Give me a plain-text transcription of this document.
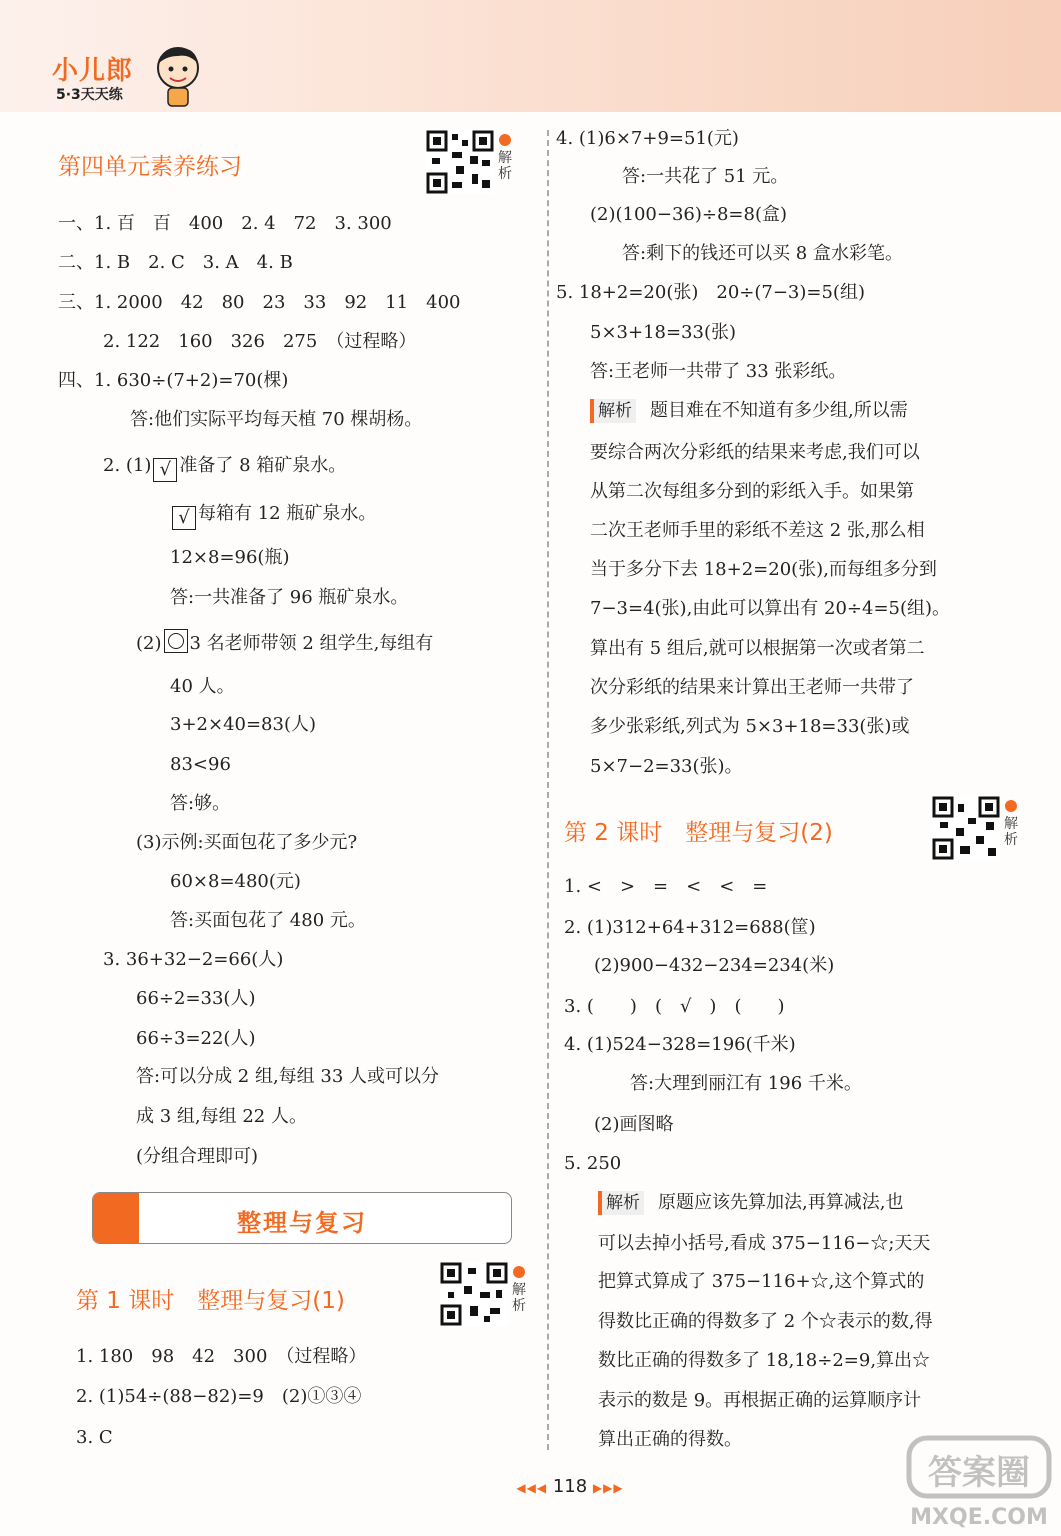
小儿郎
5·3天天练
第四单元素养练习	解析
一、1. 百　百　400　2. 4　72　3. 300
二、1. B　2. C　3. A　4. B
三、1. 2000　42　80　23　33　92　11　400
2. 122　160　326　275　（过程略）
四、1. 630÷(7+2)=70(棵)
答:他们实际平均每天植 70 棵胡杨。
2. (1) √ 准备了 8 箱矿泉水。
√ 每箱有 12 瓶矿泉水。
12×8=96(瓶)
答:一共准备了 96 瓶矿泉水。
(2) 3 名老师带领 2 组学生,每组有
40 人。
3+2×40=83(人)
83<96
答:够。
(3)示例:买面包花了多少元?
60×8=480(元)
答:买面包花了 480 元。
3. 36+32−2=66(人)
66÷2=33(人)
66÷3=22(人)
答:可以分成 2 组,每组 33 人或可以分
成 3 组,每组 22 人。
(分组合理即可)
整理与复习
第 1 课时　整理与复习(1)	解析
1. 180　98　42　300　（过程略）
2. (1)54÷(88−82)=9　(2)①③④
3. C
4. (1)6×7+9=51(元)
答:一共花了 51 元。
(2)(100−36)÷8=8(盒)
答:剩下的钱还可以买 8 盒水彩笔。
5. 18+2=20(张)　20÷(7−3)=5(组)
5×3+18=33(张)
答:王老师一共带了 33 张彩纸。
解析 题目难在不知道有多少组,所以需
要综合两次分彩纸的结果来考虑,我们可以
从第二次每组多分到的彩纸入手。如果第
二次王老师手里的彩纸不差这 2 张,那么相
当于多分下去 18+2=20(张),而每组多分到
7−3=4(张),由此可以算出有 20÷4=5(组)。
算出有 5 组后,就可以根据第一次或者第二
次分彩纸的结果来计算出王老师一共带了
多少张彩纸,列式为 5×3+18=33(张)或
5×7−2=33(张)。
第 2 课时　整理与复习(2)	解析
1. <　>　=　<　<　=
2. (1)312+64+312=688(筐)
(2)900−432−234=234(米)
3. (　　)　(　√　)　(　　)
4. (1)524−328=196(千米)
答:大理到丽江有 196 千米。
(2)画图略
5. 250
解析 原题应该先算加法,再算减法,也
可以去掉小括号,看成 375−116−☆;天天
把算式算成了 375−116+☆,这个算式的
得数比正确的得数多了 2 个☆表示的数,得
数比正确的得数多了 18,18÷2=9,算出☆
表示的数是 9。再根据正确的运算顺序计
算出正确的得数。
◀◀◀ 118 ▶▶▶	答案圈
MXQE.COM
